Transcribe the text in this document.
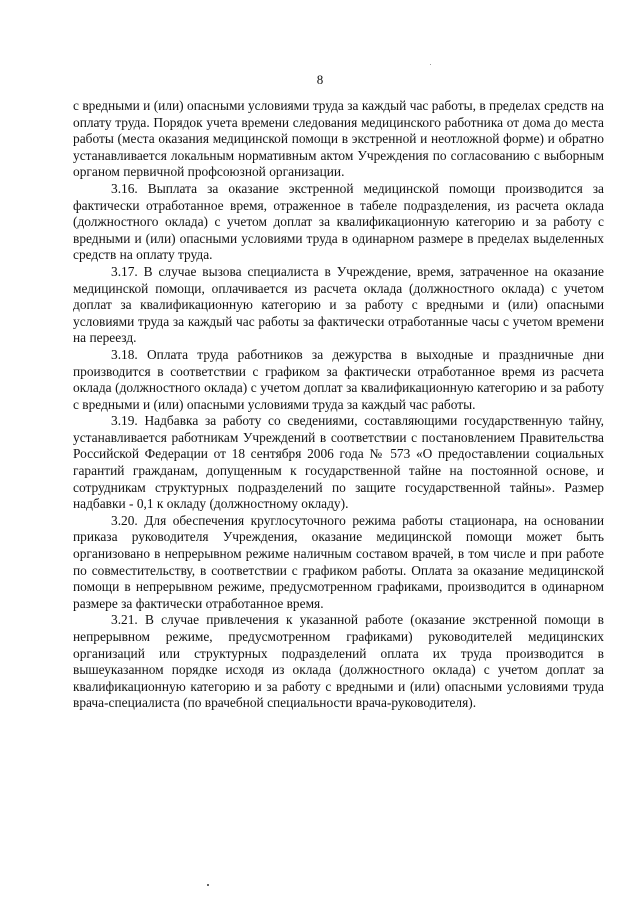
8

с вредными и (или) опасными условиями труда за каждый час работы, в пределах средств на оплату труда. Порядок учета времени следования медицинского работника от дома до места работы (места оказания медицинской помощи в экстренной и неотложной форме) и обратно устанавливается локальным нормативным актом Учреждения по согласованию с выборным органом первичной профсоюзной организации.

3.16. Выплата за оказание экстренной медицинской помощи производится за фактически отработанное время, отраженное в табеле подразделения, из расчета оклада (должностного оклада) с учетом доплат за квалификационную категорию и за работу с вредными и (или) опасными условиями труда в одинарном размере в пределах выделенных средств на оплату труда.

3.17. В случае вызова специалиста в Учреждение, время, затраченное на оказание медицинской помощи, оплачивается из расчета оклада (должностного оклада) с учетом доплат за квалификационную категорию и за работу с вредными и (или) опасными условиями труда за каждый час работы за фактически отработанные часы с учетом времени на переезд.

3.18. Оплата труда работников за дежурства в выходные и праздничные дни производится в соответствии с графиком за фактически отработанное время из расчета оклада (должностного оклада) с учетом доплат за квалификационную категорию и за работу с вредными и (или) опасными условиями труда за каждый час работы.

3.19. Надбавка за работу со сведениями, составляющими государственную тайну, устанавливается работникам Учреждений в соответствии с постановлением Правительства Российской Федерации от 18 сентября 2006 года № 573 «О предоставлении социальных гарантий гражданам, допущенным к государственной тайне на постоянной основе, и сотрудникам структурных подразделений по защите государственной тайны». Размер надбавки - 0,1 к окладу (должностному окладу).

3.20. Для обеспечения круглосуточного режима работы стационара, на основании приказа руководителя Учреждения, оказание медицинской помощи может быть организовано в непрерывном режиме наличным составом врачей, в том числе и при работе по совместительству, в соответствии с графиком работы. Оплата за оказание медицинской помощи в непрерывном режиме, предусмотренном графиками, производится в одинарном размере за фактически отработанное время.

3.21. В случае привлечения к указанной работе (оказание экстренной помощи в непрерывном режиме, предусмотренном графиками) руководителей медицинских организаций или структурных подразделений оплата их труда производится в вышеуказанном порядке исходя из оклада (должностного оклада) с учетом доплат за квалификационную категорию и за работу с вредными и (или) опасными условиями труда врача-специалиста (по врачебной специальности врача-руководителя).
